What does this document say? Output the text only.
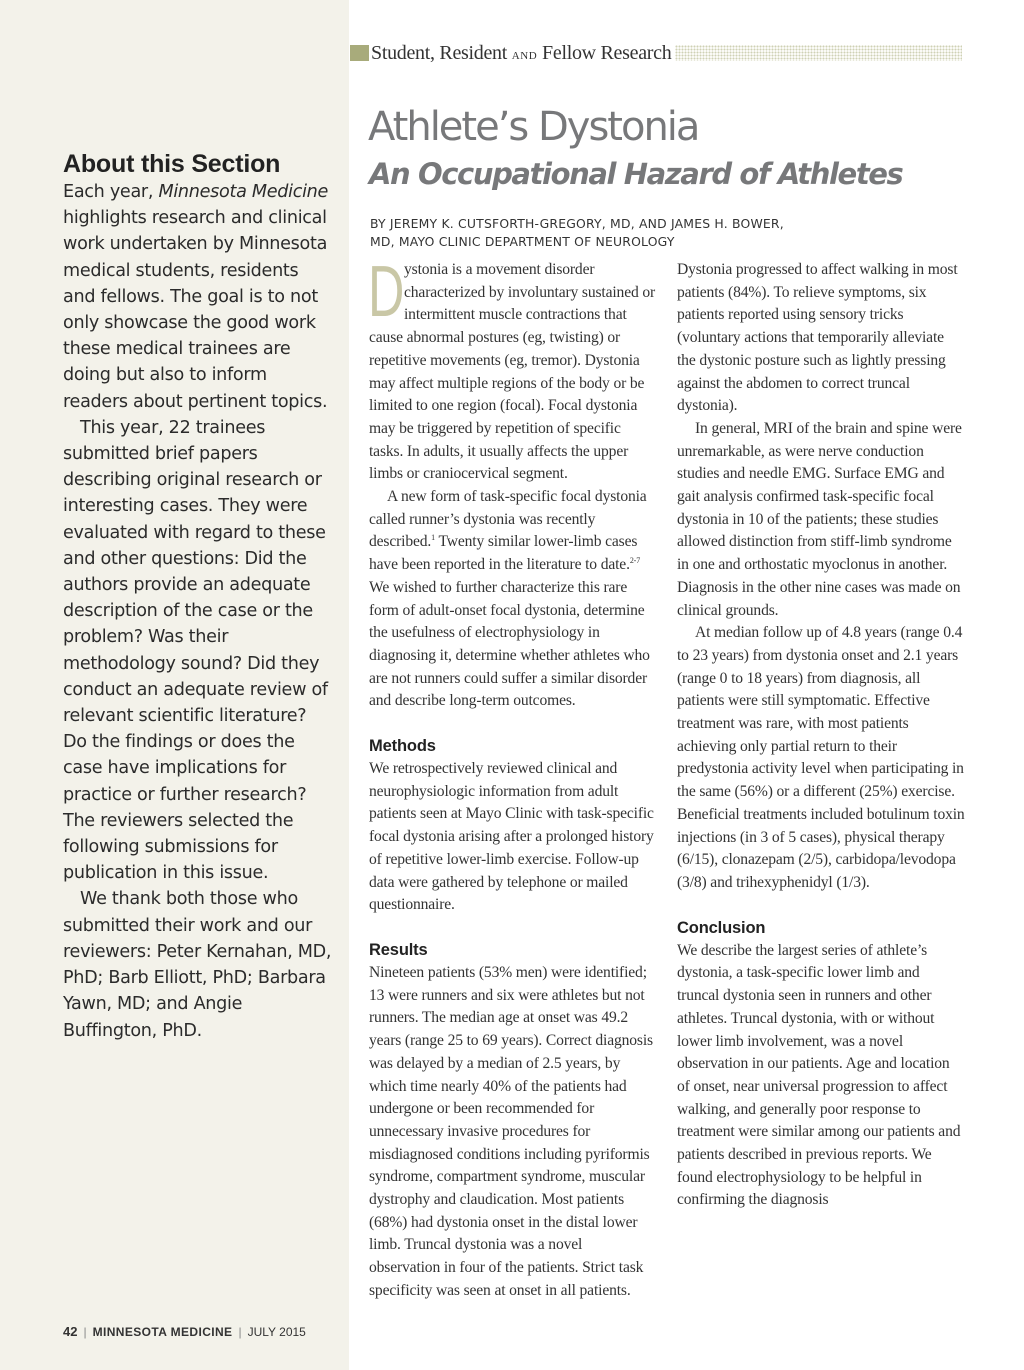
About this Section

Each year, Minnesota Medicine highlights research and clinical work undertaken by Minnesota medical students, residents and fellows. The goal is to not only showcase the good work these medical trainees are doing but also to inform readers about pertinent topics.

This year, 22 trainees submitted brief papers describing original research or interesting cases. They were evaluated with regard to these and other questions: Did the authors provide an adequate description of the case or the problem? Was their methodology sound? Did they conduct an adequate review of relevant scientific literature? Do the findings or does the case have implications for practice or further research? The reviewers selected the following submissions for publication in this issue.

We thank both those who submitted their work and our reviewers: Peter Kernahan, MD, PhD; Barb Elliott, PhD; Barbara Yawn, MD; and Angie Buffington, PhD.

42 | MINNESOTA MEDICINE | JULY 2015
Student, Resident AND Fellow Research
Athlete’s Dystonia
An Occupational Hazard of Athletes
BY JEREMY K. CUTSFORTH-GREGORY, MD, AND JAMES H. BOWER, MD, MAYO CLINIC DEPARTMENT OF NEUROLOGY

Dystonia is a movement disorder characterized by involuntary sustained or intermittent muscle contractions that cause abnormal postures (eg, twisting) or repetitive movements (eg, tremor). Dystonia may affect multiple regions of the body or be limited to one region (focal). Focal dystonia may be triggered by repetition of specific tasks. In adults, it usually affects the upper limbs or craniocervical segment.

A new form of task-specific focal dystonia called runner’s dystonia was recently described.$^1$ Twenty similar lower-limb cases have been reported in the literature to date.$^{2-7}$ We wished to further characterize this rare form of adult-onset focal dystonia, determine the usefulness of electrophysiology in diagnosing it, determine whether athletes who are not runners could suffer a similar disorder and describe long-term outcomes.

Methods

We retrospectively reviewed clinical and neurophysiologic information from adult patients seen at Mayo Clinic with task-specific focal dystonia arising after a prolonged history of repetitive lower-limb exercise. Follow-up data were gathered by telephone or mailed questionnaire.

Results

Nineteen patients (53% men) were identified; 13 were runners and six were athletes but not runners. The median age at onset was 49.2 years (range 25 to 69 years). Correct diagnosis was delayed by a median of 2.5 years, by which time nearly 40% of the patients had undergone or been recommended for unnecessary invasive procedures for misdiagnosed conditions including pyriformis syndrome, compartment syndrome, muscular dystrophy and claudication. Most patients (68%) had dystonia onset in the distal lower limb. Truncal dystonia was a novel observation in four of the patients. Strict task specificity was seen at onset in all patients.

Dystonia progressed to affect walking in most patients (84%). To relieve symptoms, six patients reported using sensory tricks (voluntary actions that temporarily alleviate the dystonic posture such as lightly pressing against the abdomen to correct truncal dystonia).

In general, MRI of the brain and spine were unremarkable, as were nerve conduction studies and needle EMG. Surface EMG and gait analysis confirmed task-specific focal dystonia in 10 of the patients; these studies allowed distinction from stiff-limb syndrome in one and orthostatic myoclonus in another. Diagnosis in the other nine cases was made on clinical grounds.

At median follow up of 4.8 years (range 0.4 to 23 years) from dystonia onset and 2.1 years (range 0 to 18 years) from diagnosis, all patients were still symptomatic. Effective treatment was rare, with most patients achieving only partial return to their predystonia activity level when participating in the same (56%) or a different (25%) exercise. Beneficial treatments included botulinum toxin injections (in 3 of 5 cases), physical therapy (6/15), clonazepam (2/5), carbidopa/levodopa (3/8) and trihexyphenidyl (1/3).

Conclusion

We describe the largest series of athlete’s dystonia, a task-specific lower limb and truncal dystonia seen in runners and other athletes. Truncal dystonia, with or without lower limb involvement, was a novel observation in our patients. Age and location of onset, near universal progression to affect walking, and generally poor response to treatment were similar among our patients and patients described in previous reports. We found electrophysiology to be helpful in confirming the diagnosis
